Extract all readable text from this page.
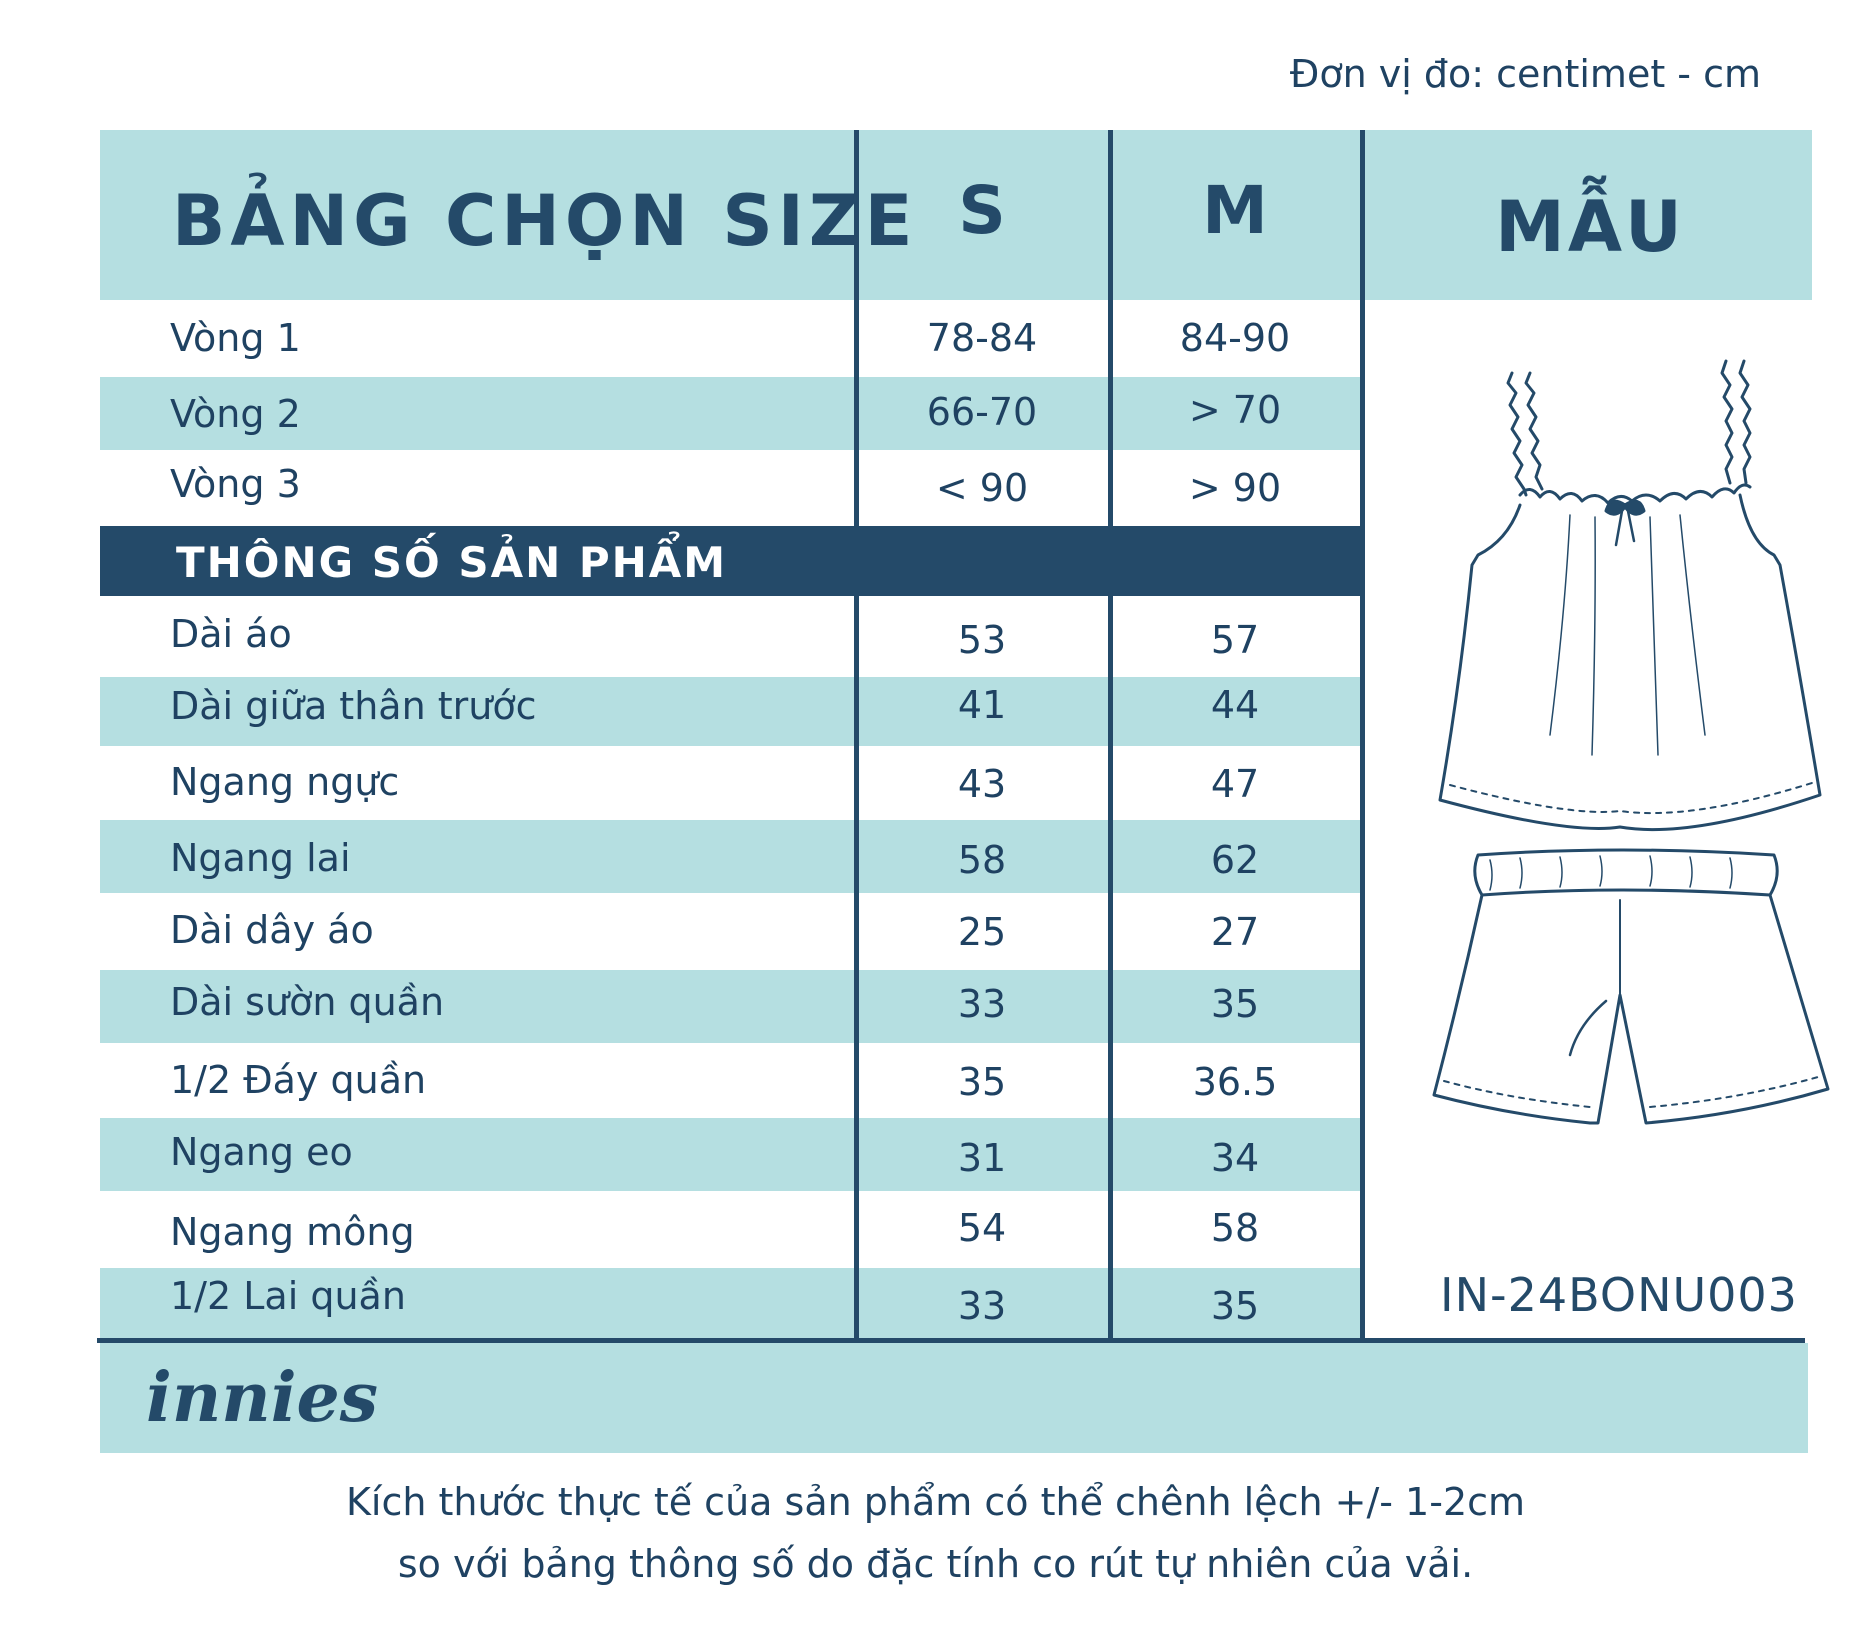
Đơn vị đo: centimet - cm
BẢNG CHỌN SIZE S	M	MẪU
Vòng 1	78-84	84-90
Vòng 2	66-70	> 70
Vòng 3	< 90	> 90
THÔNG SỐ SẢN PHẨM
Dài áo	53	57
Dài giữa thân trước	41	44
Ngang ngực	43	47
Ngang lai	58	62
Dài dây áo	25	27
Dài sườn quần	33	35
1/2 Đáy quần	35	36.5
Ngang eo	31	34
Ngang mông	54	58
1/2 Lai quần	33	35	IN-24BONU003
innies
Kích thước thực tế của sản phẩm có thể chênh lệch +/- 1-2cm
so với bảng thông số do đặc tính co rút tự nhiên của vải.
